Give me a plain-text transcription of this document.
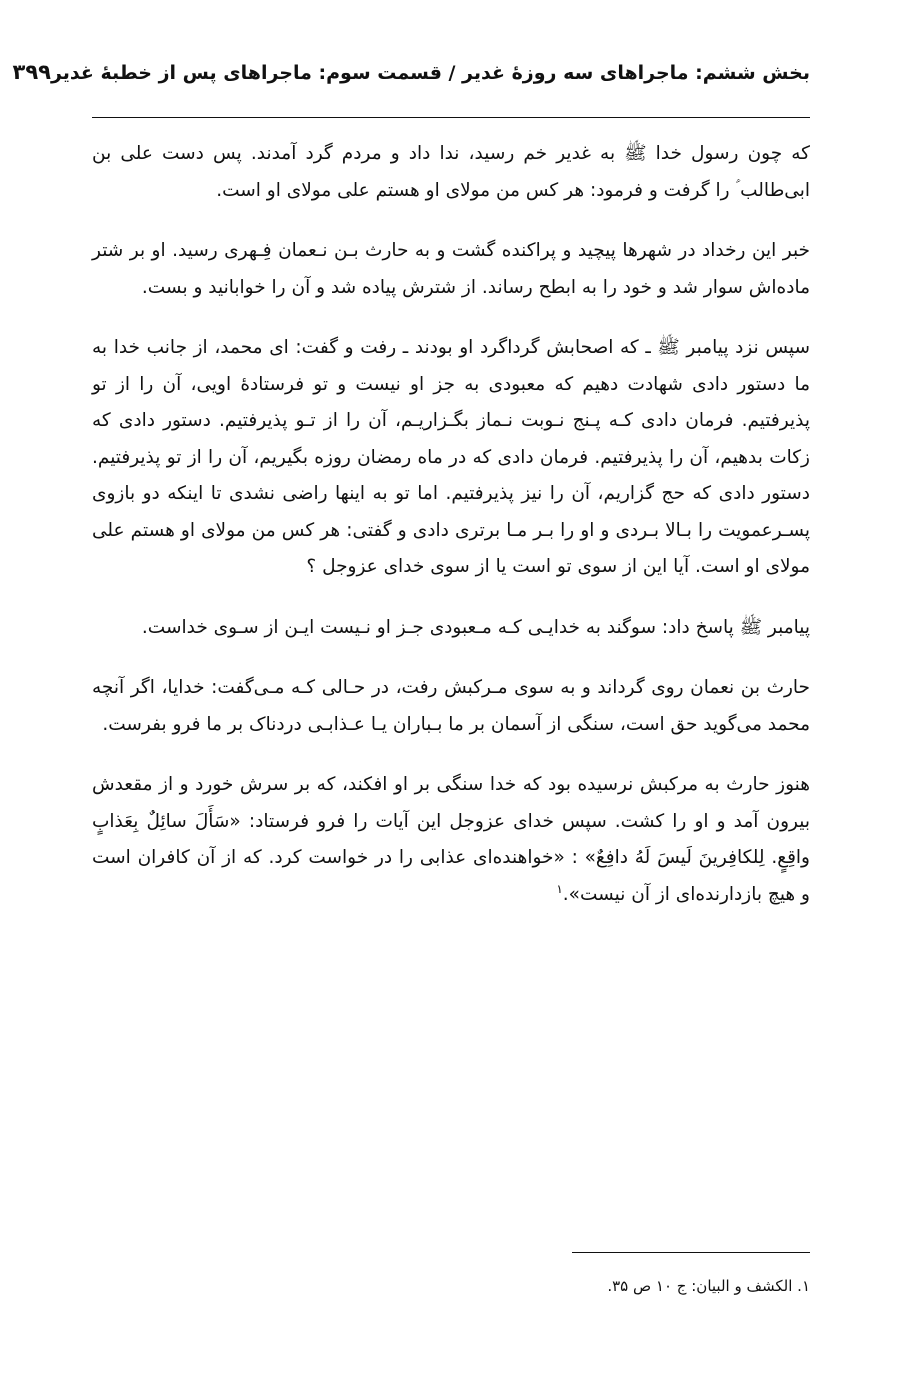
بخش ششم: ماجراهای سه روزهٔ غدیر / قسمت سوم: ماجراهای پس از خطبهٔ غدیر
۳۹۹

که چون رسول خدا ﷺ به غدیر خم رسید، ندا داد و مردم گرد آمدند. پس دست علی بن ابی‌طالب ؑ را گرفت و فرمود: هر کس من مولای او هستم علی مولای او است.

خبر این رخداد در شهرها پیچید و پراکنده گشت و به حارث بـن نـعمان فِـهری رسید. او بر شتر ماده‌اش سوار شد و خود را به ابطح رساند. از شترش پیاده شد و آن را خوابانید و بست.

سپس نزد پیامبر ﷺ ـ که اصحابش گرداگرد او بودند ـ رفت و گفت: ای محمد، از جانب خدا به ما دستور دادی شهادت دهیم که معبودی به جز او نیست و تو فرستادهٔ اویی، آن را از تو پذیرفتیم. فرمان دادی کـه پـنج نـوبت نـماز بگـزاریـم، آن را از تـو پذیرفتیم. دستور دادی که زکات بدهیم، آن را پذیرفتیم. فرمان دادی که در ماه رمضان روزه بگیریم، آن را از تو پذیرفتیم. دستور دادی که حج گزاریم، آن را نیز پذیرفتیم. اما تو به اینها راضی نشدی تا اینکه دو بازوی پسـرعمویت را بـالا بـردی و او را بـر مـا برتری دادی و گفتی: هر کس من مولای او هستم علی مولای او است. آیا این از سوی تو است یا از سوی خدای عزوجل ؟

پیامبر ﷺ پاسخ داد: سوگند به خدایـی کـه مـعبودی جـز او نـیست ایـن از سـوی خداست.

حارث بن نعمان روی گرداند و به سوی مـرکبش رفت، در حـالی کـه مـی‌گفت: خدایا، اگر آنچه محمد می‌گوید حق است، سنگی از آسمان بر ما بـباران یـا عـذابـی دردناک بر ما فرو بفرست.

هنوز حارث به مرکبش نرسیده بود که خدا سنگی بر او افکند، که بر سرش خورد و از مقعدش بیرون آمد و او را کشت. سپس خدای عزوجل این آیات را فرو فرستاد: «سَأَلَ سائِلٌ بِعَذابٍ واقِعٍ. لِلكافِرينَ لَيسَ لَهُ دافِعٌ» : «خواهنده‌ای عذابی را در خواست کرد. که از آن کافران است و هیچ بازدارنده‌ای از آن نیست».$^۱$

۱. الکشف و البیان: ج ۱۰ ص ۳۵.
